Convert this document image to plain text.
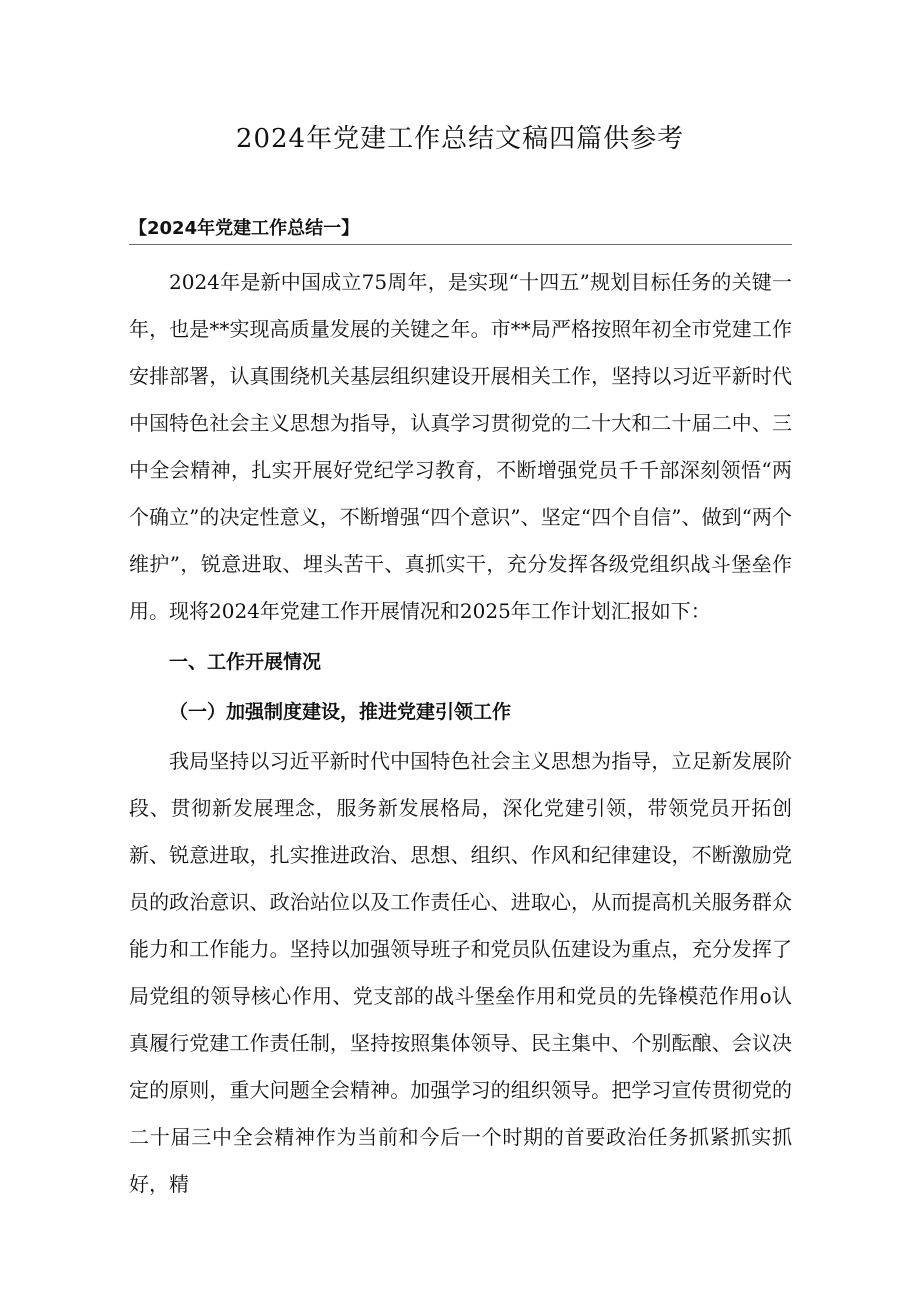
2024年党建工作总结文稿四篇供参考
【2024年党建工作总结一】

2024年是新中国成立75周年，是实现“十四五”规划目标任务的关键一年，也是**实现高质量发展的关键之年。市**局严格按照年初全市党建工作安排部署，认真围绕机关基层组织建设开展相关工作，坚持以习近平新时代中国特色社会主义思想为指导，认真学习贯彻党的二十大和二十届二中、三中全会精神，扎实开展好党纪学习教育，不断增强党员千千部深刻领悟“两个确立”的决定性意义，不断增强“四个意识”、坚定“四个自信”、做到“两个维护”，锐意进取、埋头苦干、真抓实干，充分发挥各级党组织战斗堡垒作用。现将2024年党建工作开展情况和2025年工作计划汇报如下：

一、工作开展情况
（一）加强制度建设，推进党建引领工作

我局坚持以习近平新时代中国特色社会主义思想为指导，立足新发展阶段、贯彻新发展理念，服务新发展格局，深化党建引领，带领党员开拓创新、锐意进取，扎实推进政治、思想、组织、作风和纪律建设，不断激励党员的政治意识、政治站位以及工作责任心、进取心，从而提高机关服务群众能力和工作能力。坚持以加强领导班子和党员队伍建设为重点，充分发挥了局党组的领导核心作用、党支部的战斗堡垒作用和党员的先锋模范作用o认真履行党建工作责任制，坚持按照集体领导、民主集中、个别酝酿、会议决定的原则，重大问题全会精神。加强学习的组织领导。把学习宣传贯彻党的二十届三中全会精神作为当前和今后一个时期的首要政治任务抓紧抓实抓好，精
